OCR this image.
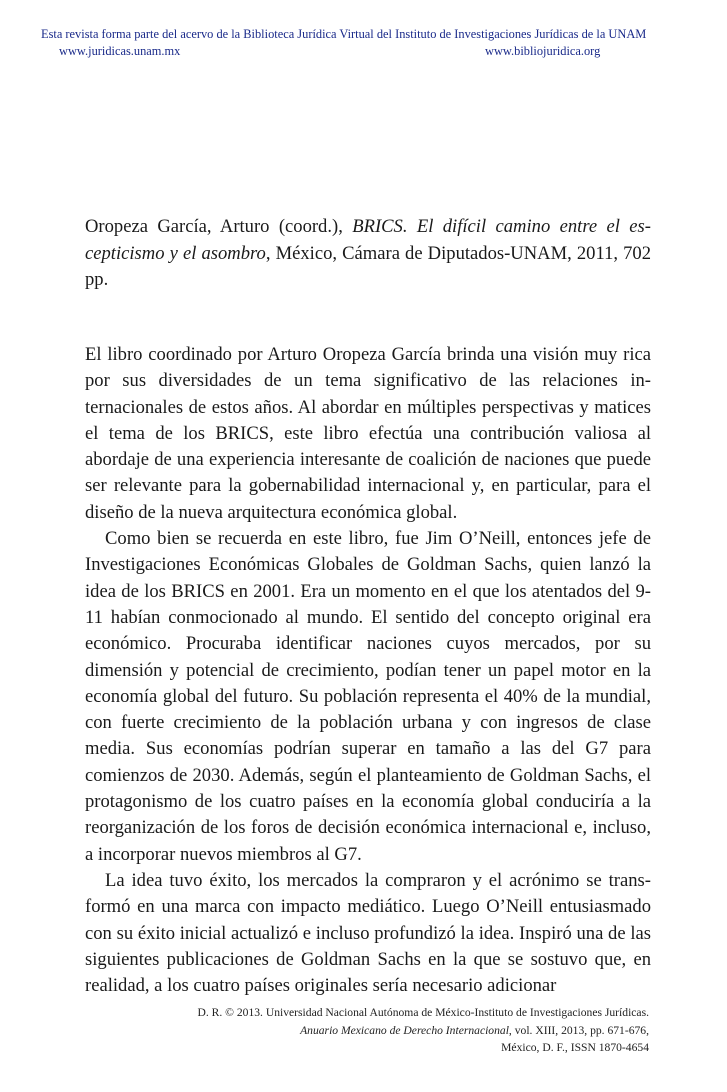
Esta revista forma parte del acervo de la Biblioteca Jurídica Virtual del Instituto de Investigaciones Jurídicas de la UNAM
www.juridicas.unam.mx	www.bibliojuridica.org
Oropeza García, Arturo (coord.), BRICS. El difícil camino entre el escepticismo y el asombro, México, Cámara de Diputados-UNAM, 2011, 702 pp.

El libro coordinado por Arturo Oropeza García brinda una visión muy rica por sus diversidades de un tema significativo de las relaciones internacionales de estos años. Al abordar en múltiples perspectivas y matices el tema de los BRICS, este libro efectúa una contribución valiosa al abordaje de una experiencia interesante de coalición de naciones que puede ser relevante para la gobernabilidad internacional y, en particular, para el diseño de la nueva arquitectura económica global.

Como bien se recuerda en este libro, fue Jim O’Neill, entonces jefe de Investigaciones Económicas Globales de Goldman Sachs, quien lanzó la idea de los BRICS en 2001. Era un momento en el que los atentados del 9-11 habían conmocionado al mundo. El sentido del concepto original era económico. Procuraba identificar naciones cuyos mercados, por su dimensión y potencial de crecimiento, podían tener un papel motor en la economía global del futuro. Su población representa el 40% de la mundial, con fuerte crecimiento de la población urbana y con ingresos de clase media. Sus economías podrían superar en tamaño a las del G7 para comienzos de 2030. Además, según el planteamiento de Goldman Sachs, el protagonismo de los cuatro países en la economía global conduciría a la reorganización de los foros de decisión económica internacional e, incluso, a incorporar nuevos miembros al G7.

La idea tuvo éxito, los mercados la compraron y el acrónimo se transformó en una marca con impacto mediático. Luego O’Neill entusiasmado con su éxito inicial actualizó e incluso profundizó la idea. Inspiró una de las siguientes publicaciones de Goldman Sachs en la que se sostuvo que, en realidad, a los cuatro países originales sería necesario adicionar

D. R. © 2013. Universidad Nacional Autónoma de México-Instituto de Investigaciones Jurídicas.
Anuario Mexicano de Derecho Internacional, vol. XIII, 2013, pp. 671-676,
México, D. F., ISSN 1870-4654
